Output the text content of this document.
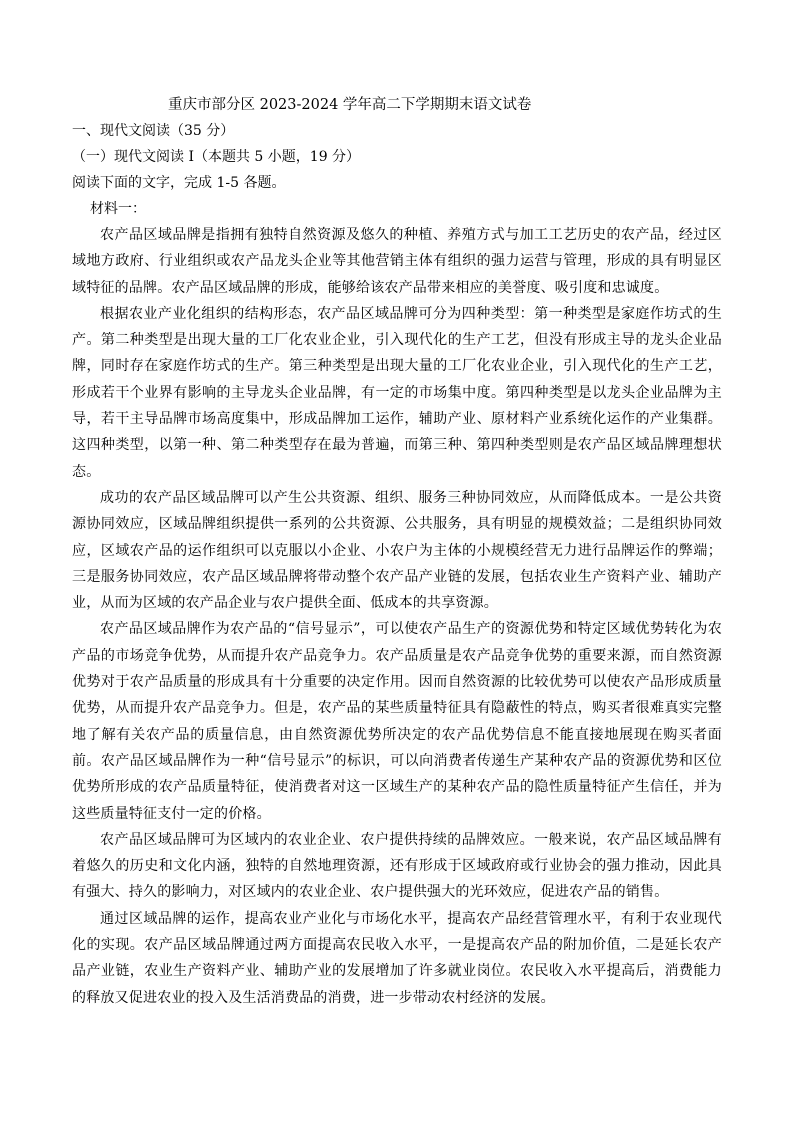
重庆市部分区 2023-2024 学年高二下学期期末语文试卷

一、现代文阅读（35 分）

（一）现代文阅读 I（本题共 5 小题，19 分）

阅读下面的文字，完成 1-5 各题。

材料一：

农产品区域品牌是指拥有独特自然资源及悠久的种植、养殖方式与加工工艺历史的农产品，经过区域地方政府、行业组织或农产品龙头企业等其他营销主体有组织的强力运营与管理，形成的具有明显区域特征的品牌。农产品区域品牌的形成，能够给该农产品带来相应的美誉度、吸引度和忠诚度。

根据农业产业化组织的结构形态，农产品区域品牌可分为四种类型：第一种类型是家庭作坊式的生产。第二种类型是出现大量的工厂化农业企业，引入现代化的生产工艺，但没有形成主导的龙头企业品牌，同时存在家庭作坊式的生产。第三种类型是出现大量的工厂化农业企业，引入现代化的生产工艺，形成若干个业界有影响的主导龙头企业品牌，有一定的市场集中度。第四种类型是以龙头企业品牌为主导，若干主导品牌市场高度集中，形成品牌加工运作，辅助产业、原材料产业系统化运作的产业集群。这四种类型，以第一种、第二种类型存在最为普遍，而第三种、第四种类型则是农产品区域品牌理想状态。

成功的农产品区域品牌可以产生公共资源、组织、服务三种协同效应，从而降低成本。一是公共资源协同效应，区域品牌组织提供一系列的公共资源、公共服务，具有明显的规模效益；二是组织协同效应，区域农产品的运作组织可以克服以小企业、小农户为主体的小规模经营无力进行品牌运作的弊端；三是服务协同效应，农产品区域品牌将带动整个农产品产业链的发展，包括农业生产资料产业、辅助产业，从而为区域的农产品企业与农户提供全面、低成本的共享资源。

农产品区域品牌作为农产品的“信号显示”，可以使农产品生产的资源优势和特定区域优势转化为农产品的市场竞争优势，从而提升农产品竞争力。农产品质量是农产品竞争优势的重要来源，而自然资源优势对于农产品质量的形成具有十分重要的决定作用。因而自然资源的比较优势可以使农产品形成质量优势，从而提升农产品竞争力。但是，农产品的某些质量特征具有隐蔽性的特点，购买者很难真实完整地了解有关农产品的质量信息，由自然资源优势所决定的农产品优势信息不能直接地展现在购买者面前。农产品区域品牌作为一种“信号显示”的标识，可以向消费者传递生产某种农产品的资源优势和区位优势所形成的农产品质量特征，使消费者对这一区域生产的某种农产品的隐性质量特征产生信任，并为这些质量特征支付一定的价格。

农产品区域品牌可为区域内的农业企业、农户提供持续的品牌效应。一般来说，农产品区域品牌有着悠久的历史和文化内涵，独特的自然地理资源，还有形成于区域政府或行业协会的强力推动，因此具有强大、持久的影响力，对区域内的农业企业、农户提供强大的光环效应，促进农产品的销售。

通过区域品牌的运作，提高农业产业化与市场化水平，提高农产品经营管理水平，有利于农业现代化的实现。农产品区域品牌通过两方面提高农民收入水平，一是提高农产品的附加价值，二是延长农产品产业链，农业生产资料产业、辅助产业的发展增加了许多就业岗位。农民收入水平提高后，消费能力的释放又促进农业的投入及生活消费品的消费，进一步带动农村经济的发展。
